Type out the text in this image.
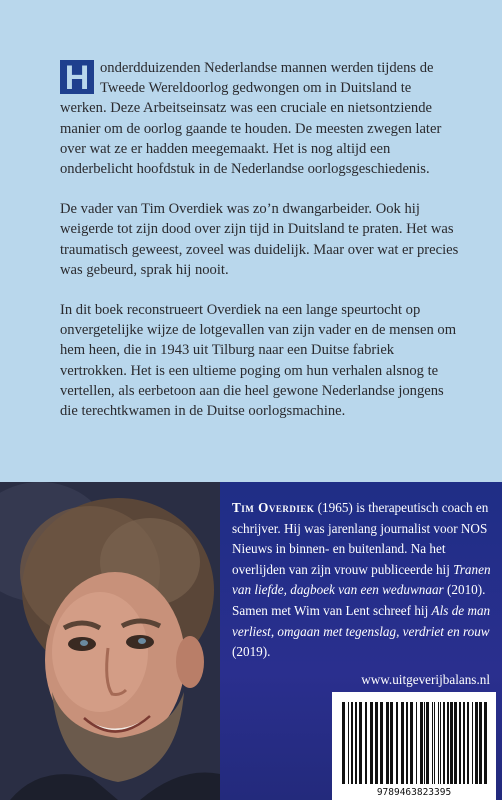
H onderdduizenden Nederlandse mannen werden tijdens de Tweede Wereldoorlog gedwongen om in Duitsland te werken. Deze Arbeitseinsatz was een cruciale en nietsontziende manier om de oorlog gaande te houden. De meesten zwegen later over wat ze er hadden meegemaakt. Het is nog altijd een onderbelicht hoofdstuk in de Nederlandse oorlogsgeschiedenis.

De vader van Tim Overdiek was zo’n dwangarbeider. Ook hij weigerde tot zijn dood over zijn tijd in Duitsland te praten. Het was traumatisch geweest, zoveel was duidelijk. Maar over wat er precies was gebeurd, sprak hij nooit.

In dit boek reconstrueert Overdiek na een lange speurtocht op onvergetelijke wijze de lotgevallen van zijn vader en de mensen om hem heen, die in 1943 uit Tilburg naar een Duitse fabriek vertrokken. Het is een ultieme poging om hun verhalen alsnog te vertellen, als eerbetoon aan die heel gewone Nederlandse jongens die terechtkwamen in de Duitse oorlogsmachine.

Tim Overdiek (1965) is therapeutisch coach en schrijver. Hij was jarenlang journalist voor NOS Nieuws in binnen- en buitenland. Na het overlijden van zijn vrouw publiceerde hij Tranen van liefde, dagboek van een weduwnaar (2010). Samen met Wim van Lent schreef hij Als de man verliest, omgaan met tegenslag, verdriet en rouw (2019).
www.uitgeverijbalans.nl
9789463823395
